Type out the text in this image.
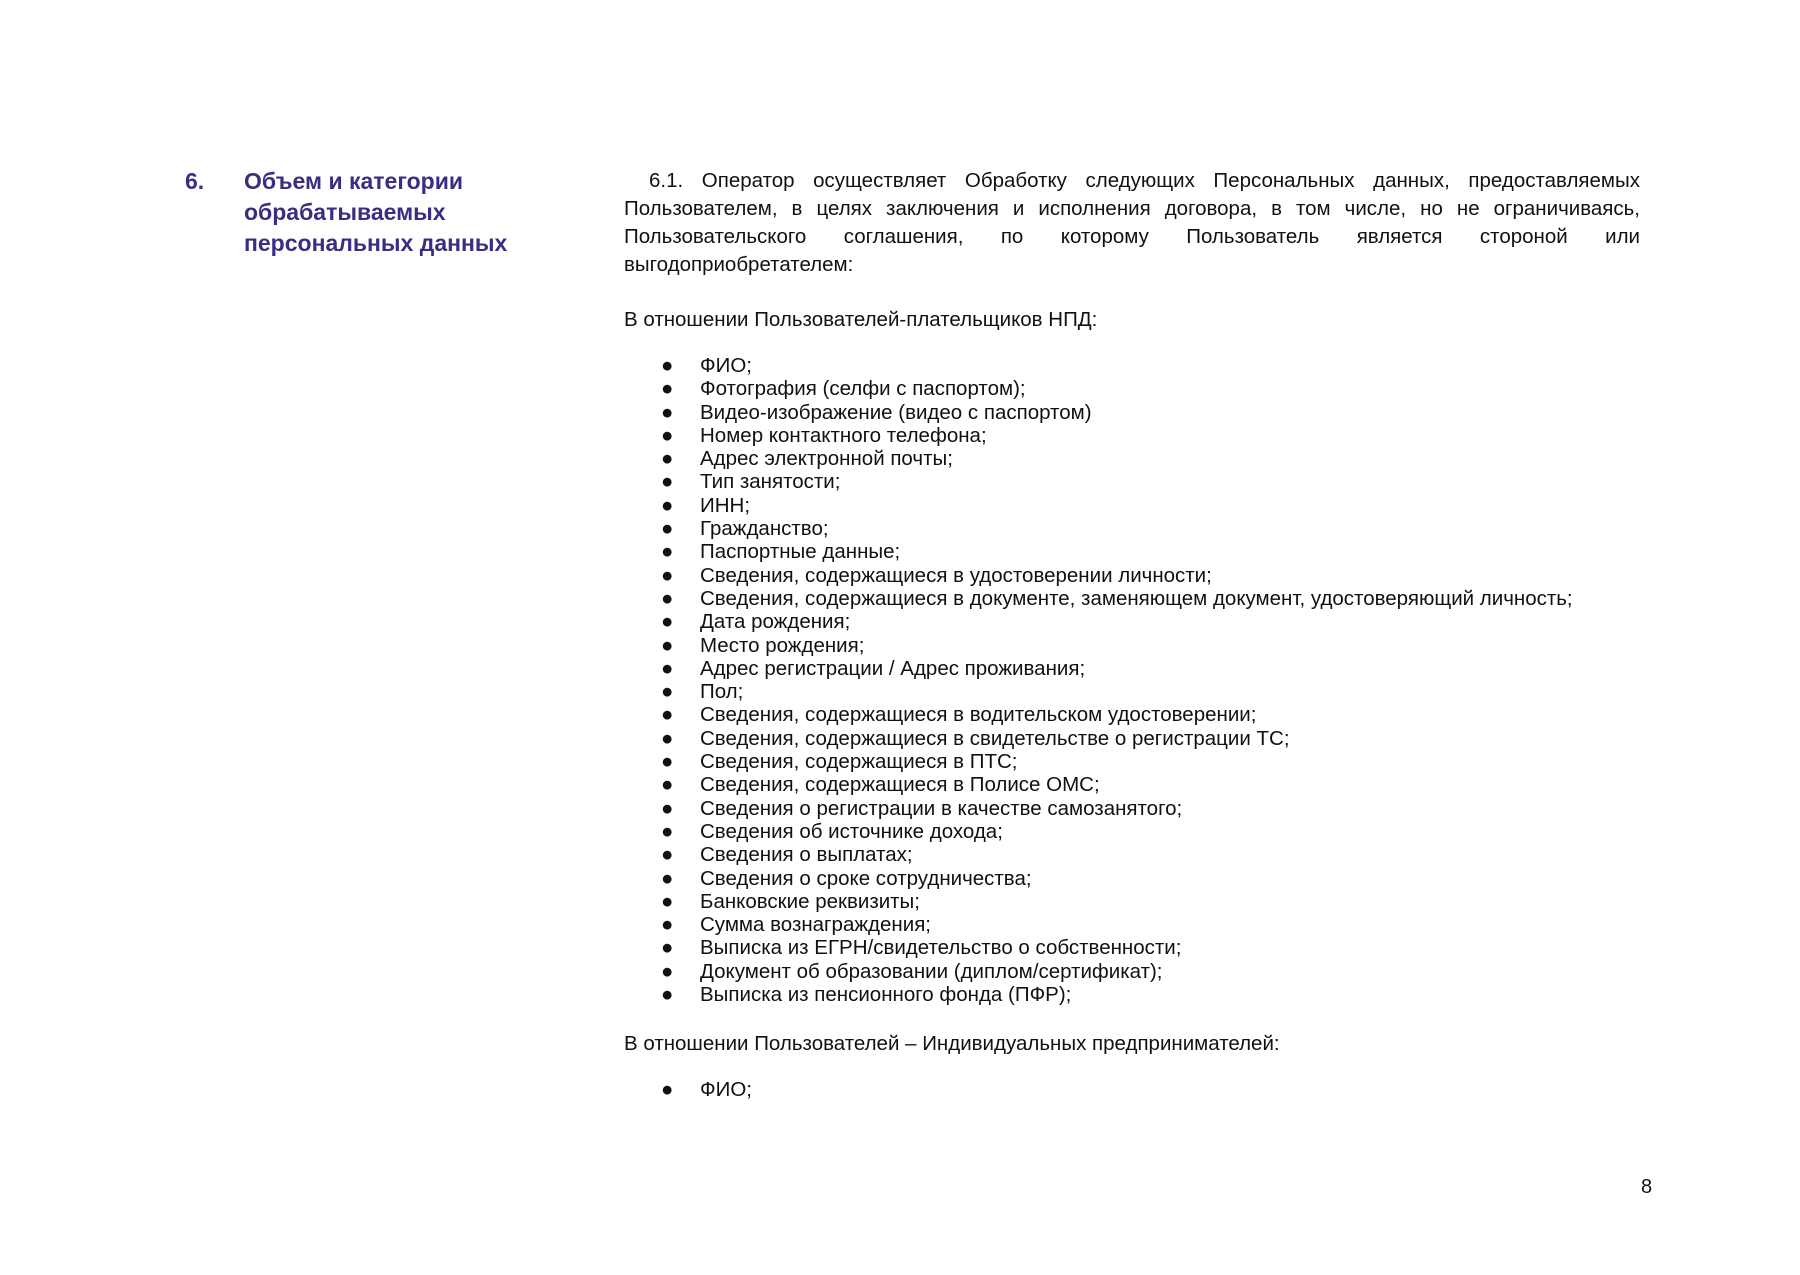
6. Объем и категории обрабатываемых персональных данных

6.1. Оператор осуществляет Обработку следующих Персональных данных, предоставляемых Пользователем, в целях заключения и исполнения договора, в том числе, но не ограничиваясь, Пользовательского соглашения, по которому Пользователь является стороной или выгодоприобретателем:

В отношении Пользователей-плательщиков НПД:

● ФИО;
● Фотография (селфи с паспортом);
● Видео-изображение (видео с паспортом)
● Номер контактного телефона;
● Адрес электронной почты;
● Тип занятости;
● ИНН;
● Гражданство;
● Паспортные данные;
● Сведения, содержащиеся в удостоверении личности;
● Сведения, содержащиеся в документе, заменяющем документ, удостоверяющий личность;
● Дата рождения;
● Место рождения;
● Адрес регистрации / Адрес проживания;
● Пол;
● Сведения, содержащиеся в водительском удостоверении;
● Сведения, содержащиеся в свидетельстве о регистрации ТС;
● Сведения, содержащиеся в ПТС;
● Сведения, содержащиеся в Полисе ОМС;
● Сведения о регистрации в качестве самозанятого;
● Сведения об источнике дохода;
● Сведения о выплатах;
● Сведения о сроке сотрудничества;
● Банковские реквизиты;
● Сумма вознаграждения;
● Выписка из ЕГРН/свидетельство о собственности;
● Документ об образовании (диплом/сертификат);
● Выписка из пенсионного фонда (ПФР);

В отношении Пользователей – Индивидуальных предпринимателей:

● ФИО;
8
